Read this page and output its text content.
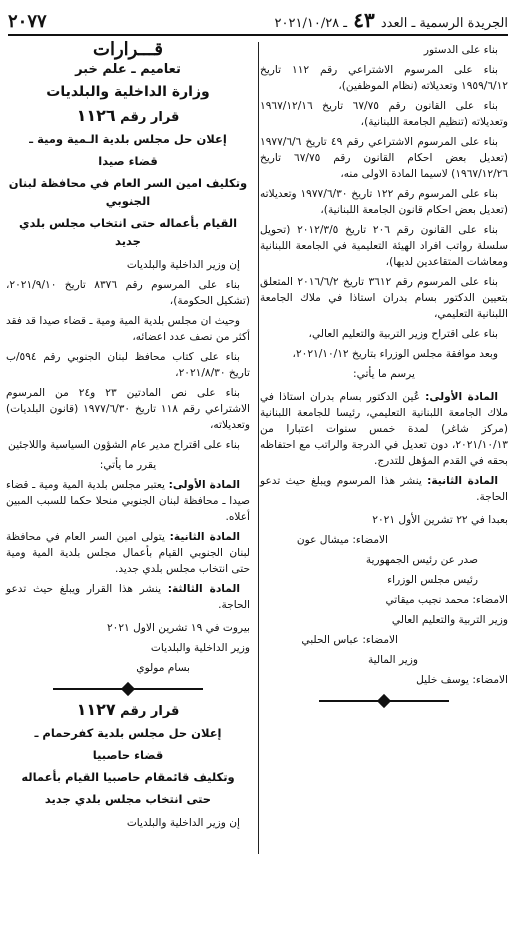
الجريدة الرسمية ـ العدد ٤٣ ـ ٢٠٢١/١٠/٢٨
٢٠٧٧

بناء على الدستور

بناء على المرسوم الاشتراعي رقم ١١٢ تاريخ ١٩٥٩/٦/١٢ وتعديلاته (نظام الموظفين)،

بناء على القانون رقم ٦٧/٧٥ تاريخ ١٩٦٧/١٢/١٦ وتعديلاته (تنظيم الجامعة اللبنانية)،

بناء على المرسوم الاشتراعي رقم ٤٩ تاريخ ١٩٧٧/٦/٦ (تعديل بعض احكام القانون رقم ٦٧/٧٥ تاريخ ١٩٦٧/١٢/٢٦) لاسيما المادة الاولى منه،

بناء على المرسوم رقم ١٢٢ تاريخ ١٩٧٧/٦/٣٠ وتعديلاته (تعديل بعض احكام قانون الجامعة اللبنانية)،

بناء على القانون رقم ٢٠٦ تاريخ ٢٠١٢/٣/٥ (تحويل سلسلة رواتب افراد الهيئة التعليمية في الجامعة اللبنانية ومعاشات المتقاعدين لديها)،

بناء على المرسوم رقم ٣٦١٢ تاريخ ٢٠١٦/٦/٢ المتعلق بتعيين الدكتور بسام بدران استاذا في ملاك الجامعة اللبنانية التعليمي،

بناء على اقتراح وزير التربية والتعليم العالي،

وبعد موافقة مجلس الوزراء بتاريخ ٢٠٢١/١٠/١٢،

يرسم ما يأتي:

المادة الأولى: عُين الدكتور بسام بدران استاذا في ملاك الجامعة اللبنانية التعليمي، رئيسا للجامعة اللبنانية (مركز شاغر) لمدة خمس سنوات اعتبارا من ٢٠٢١/١٠/١٣، دون تعديل في الدرجة والراتب مع احتفاظه بحقه في القدم المؤهل للتدرج.

المادة الثانية: ينشر هذا المرسوم ويبلغ حيث تدعو الحاجة.

بعبدا في ٢٢ تشرين الأول ٢٠٢١

الامضاء: ميشال عون

صدر عن رئيس الجمهورية

رئيس مجلس الوزراء

الامضاء: محمد نجيب ميقاتي

وزير التربية والتعليم العالي

الامضاء: عباس الحلبي

وزير المالية

الامضاء: يوسف خليل

قـــرارات

تعاميم ـ علم خبر

وزارة الداخلية والبلديات

قرار رقم ١١٢٦

إعلان حل مجلس بلدية الـمية ومية ـ

قضاء صيدا

وتكليف امين السر العام في محافظة لبنان الجنوبي

القيام بأعماله حتى انتخاب مجلس بلدي جديد

إن وزير الداخلية والبلديات

بناء على المرسوم رقم ٨٣٧٦ تاريخ ٢٠٢١/٩/١٠، (تشكيل الحكومة)،

وحيث ان مجلس بلدية المية ومية ـ قضاء صيدا قد فقد أكثر من نصف عدد اعضائه،

بناء على كتاب محافظ لبنان الجنوبي رقم ٥٩٤/ب تاريخ ٢٠٢١/٨/٣٠،

بناء على نص المادتين ٢٣ و٢٤ من المرسوم الاشتراعي رقم ١١٨ تاريخ ١٩٧٧/٦/٣٠ (قانون البلديات) وتعديلاته،

بناء على اقتراح مدير عام الشؤون السياسية واللاجئين

يقرر ما يأتي:

المادة الأولى: يعتبر مجلس بلدية المية ومية ـ قضاء صيدا ـ محافظة لبنان الجنوبي منحلا حكما للسبب المبين أعلاه.

المادة الثانية: يتولى امين السر العام في محافظة لبنان الجنوبي القيام بأعمال مجلس بلدية المية ومية حتى انتخاب مجلس بلدي جديد.

المادة الثالثة: ينشر هذا القرار ويبلغ حيث تدعو الحاجة.

بيروت في ١٩ تشرين الاول ٢٠٢١

وزير الداخلية والبلديات

بسام مولوي

قرار رقم ١١٢٧

إعلان حل مجلس بلدية كفرحمام ـ

قضاء حاصبيا

وتكليف قائمقام حاصبيا القيام بأعماله

حتى انتخاب مجلس بلدي جديد

إن وزير الداخلية والبلديات
